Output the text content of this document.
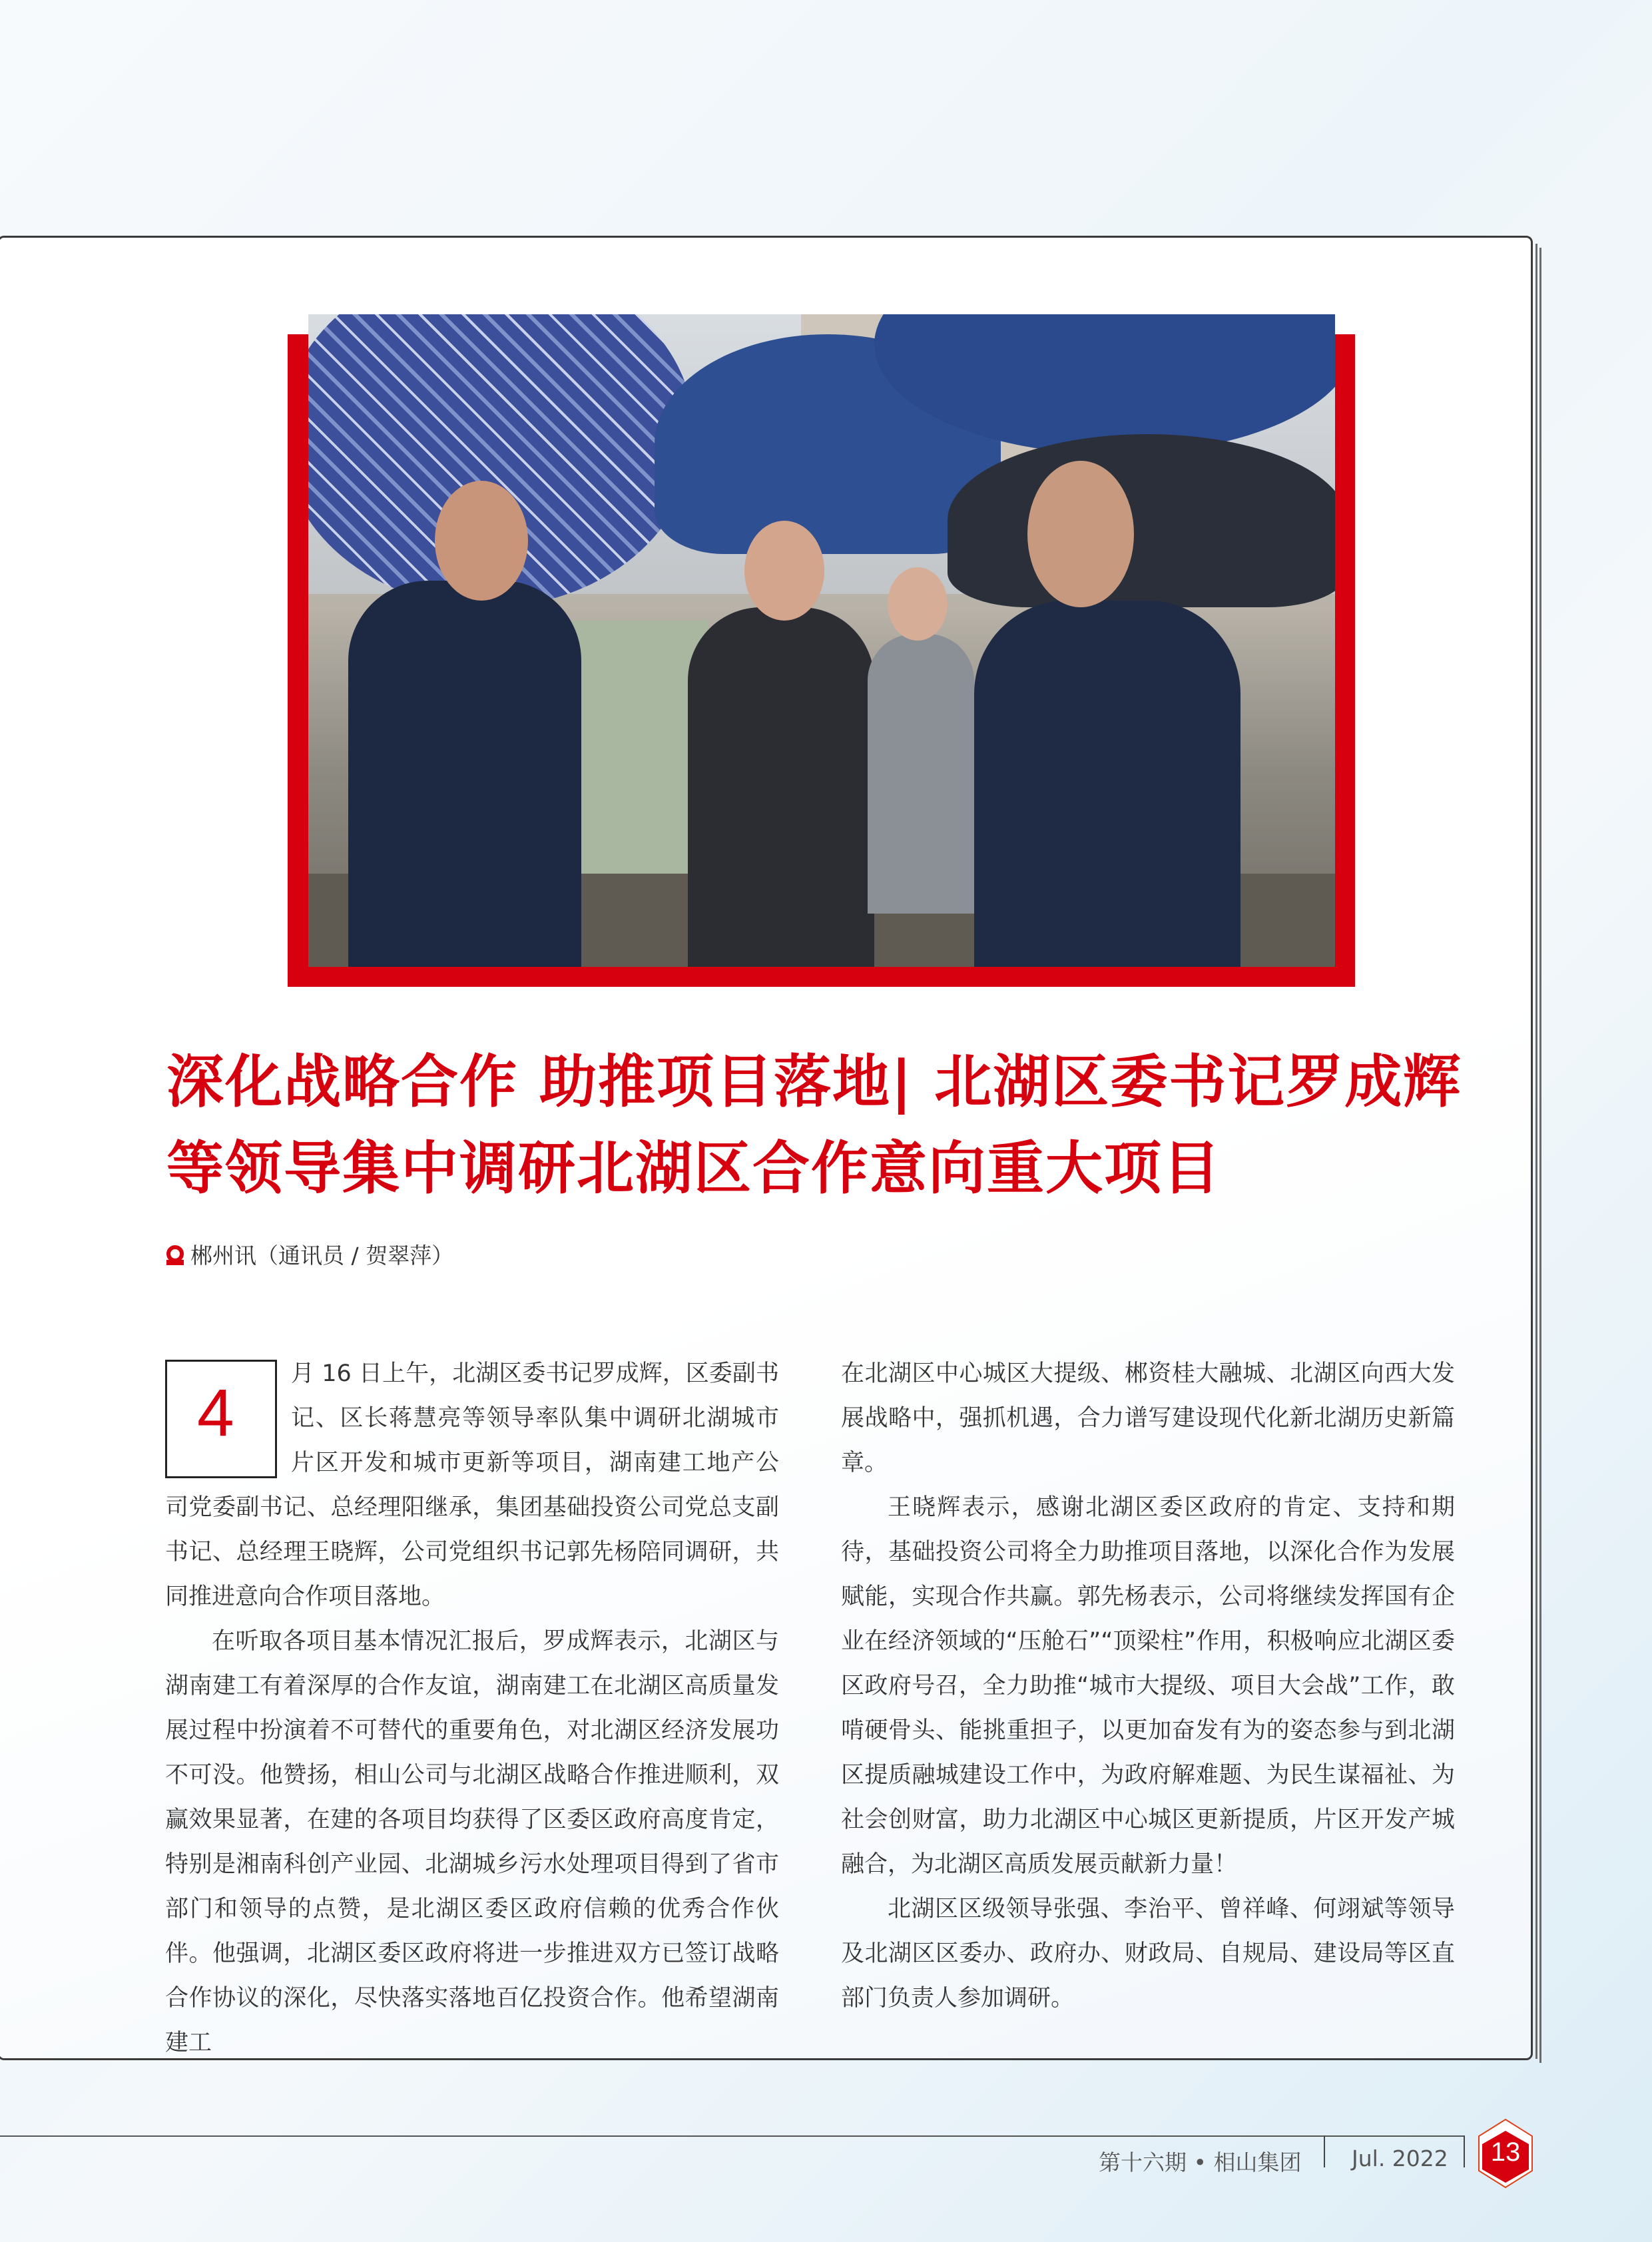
深化战略合作 助推项目落地| 北湖区委书记罗成辉
等领导集中调研北湖区合作意向重大项目
郴州讯（通讯员 / 贺翠萍）

4
月 16 日上午，北湖区委书记罗成辉，区委副书记、区长蒋慧亮等领导率队集中调研北湖城市片区开发和城市更新等项目，湖南建工地产公司党委副书记、总经理阳继承，集团基础投资公司党总支副书记、总经理王晓辉，公司党组织书记郭先杨陪同调研，共同推进意向合作项目落地。

在听取各项目基本情况汇报后，罗成辉表示，北湖区与湖南建工有着深厚的合作友谊，湖南建工在北湖区高质量发展过程中扮演着不可替代的重要角色，对北湖区经济发展功不可没。他赞扬，相山公司与北湖区战略合作推进顺利，双赢效果显著，在建的各项目均获得了区委区政府高度肯定，特别是湘南科创产业园、北湖城乡污水处理项目得到了省市部门和领导的点赞，是北湖区委区政府信赖的优秀合作伙伴。他强调，北湖区委区政府将进一步推进双方已签订战略合作协议的深化，尽快落实落地百亿投资合作。他希望湖南建工

在北湖区中心城区大提级、郴资桂大融城、北湖区向西大发展战略中，强抓机遇，合力谱写建设现代化新北湖历史新篇章。

王晓辉表示，感谢北湖区委区政府的肯定、支持和期待，基础投资公司将全力助推项目落地，以深化合作为发展赋能，实现合作共赢。郭先杨表示，公司将继续发挥国有企业在经济领域的“压舱石”“顶梁柱”作用，积极响应北湖区委区政府号召，全力助推“城市大提级、项目大会战”工作，敢啃硬骨头、能挑重担子，以更加奋发有为的姿态参与到北湖区提质融城建设工作中，为政府解难题、为民生谋福祉、为社会创财富，助力北湖区中心城区更新提质，片区开发产城融合，为北湖区高质发展贡献新力量！

北湖区区级领导张强、李治平、曾祥峰、何翊斌等领导及北湖区区委办、政府办、财政局、自规局、建设局等区直部门负责人参加调研。

第十六期 • 相山集团 Jul. 2022	13
